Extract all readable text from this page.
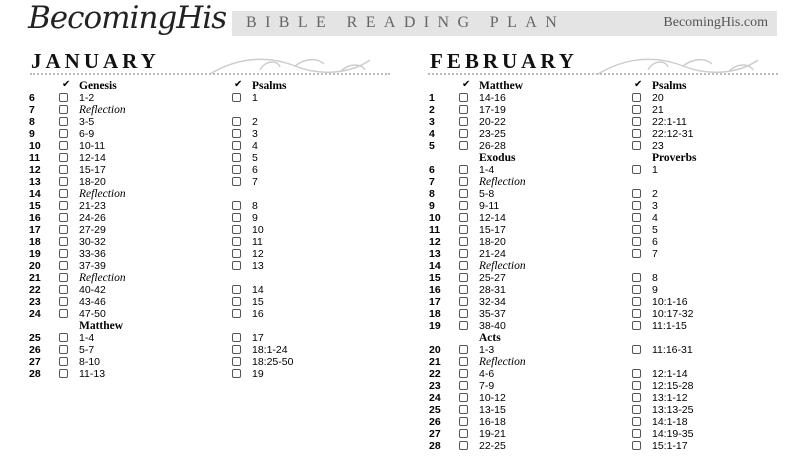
BecomingHis BIBLE READING PLAN	BecomingHis.com
JANUARY
✔ Genesis	✔ Psalms
6	1-2	1
7	Reflection
8	3-5	2
9	6-9	3
10	10-11	4
11	12-14	5
12	15-17	6
13	18-20	7
14	Reflection
15	21-23	8
16	24-26	9
17	27-29	10
18	30-32	11
19	33-36	12
20	37-39	13
21	Reflection
22	40-42	14
23	43-46	15
24	47-50	16
Matthew
25	1-4	17
26	5-7	18:1-24
27	8-10	18:25-50
28	11-13	19
FEBRUARY
✔ Matthew	✔ Psalms
1	14-16	20
2	17-19	21
3	20-22	22:1-11
4	23-25	22:12-31
5	26-28	23
Exodus	Proverbs
6	1-4	1
7	Reflection
8	5-8	2
9	9-11	3
10	12-14	4
11	15-17	5
12	18-20	6
13	21-24	7
14	Reflection
15	25-27	8
16	28-31	9
17	32-34	10:1-16
18	35-37	10:17-32
19	38-40	11:1-15
Acts
20	1-3	11:16-31
21	Reflection
22	4-6	12:1-14
23	7-9	12:15-28
24	10-12	13:1-12
25	13-15	13:13-25
26	16-18	14:1-18
27	19-21	14:19-35
28	22-25	15:1-17
